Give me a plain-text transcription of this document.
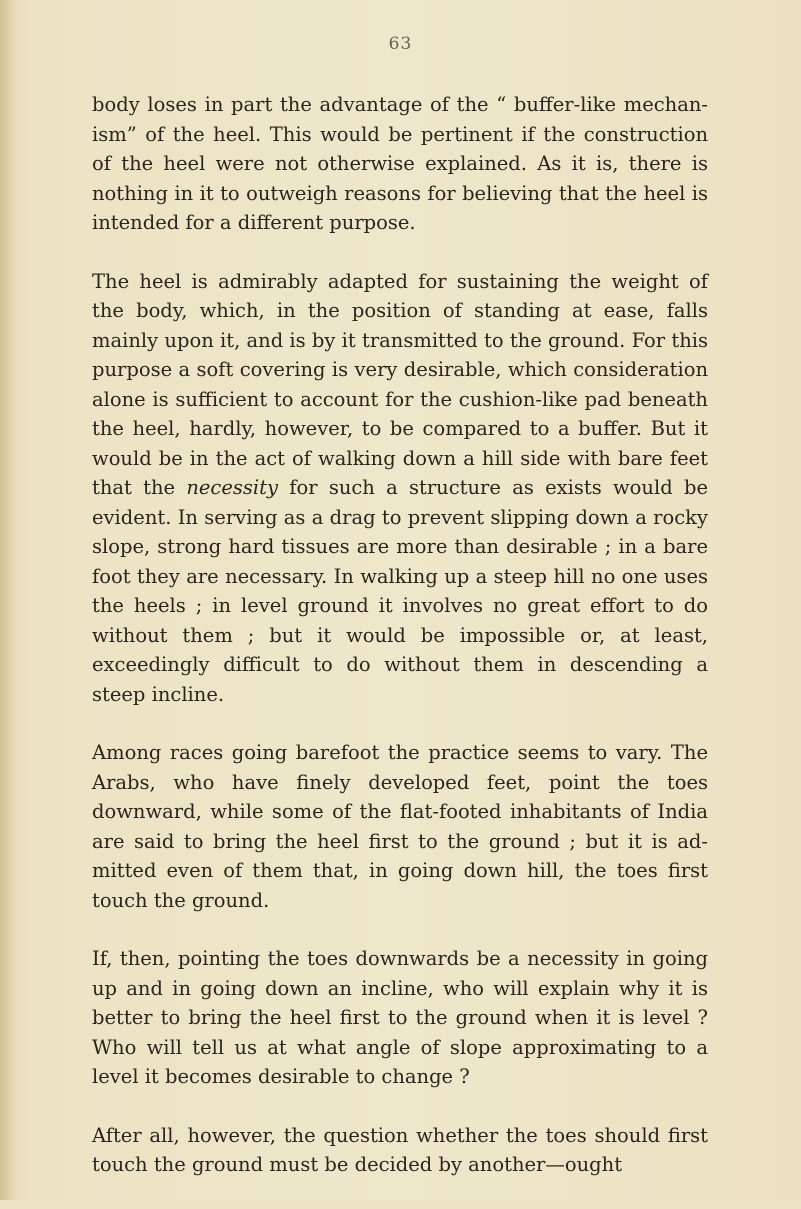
63

body loses in part the advantage of the “ buffer-like mechanism” of the heel. This would be pertinent if the construction of the heel were not otherwise explained. As it is, there is nothing in it to outweigh reasons for believing that the heel is intended for a different purpose.

The heel is admirably adapted for sustaining the weight of the body, which, in the position of standing at ease, falls mainly upon it, and is by it transmitted to the ground. For this purpose a soft covering is very desirable, which consideration alone is sufficient to account for the cushion-like pad beneath the heel, hardly, however, to be compared to a buffer. But it would be in the act of walking down a hill side with bare feet that the necessity for such a structure as exists would be evident. In serving as a drag to prevent slipping down a rocky slope, strong hard tissues are more than desirable ; in a bare foot they are necessary. In walking up a steep hill no one uses the heels ; in level ground it involves no great effort to do without them ; but it would be impossible or, at least, exceedingly difficult to do without them in descending a steep incline.

Among races going barefoot the practice seems to vary. The Arabs, who have finely developed feet, point the toes downward, while some of the flat-footed inhabitants of India are said to bring the heel first to the ground ; but it is admitted even of them that, in going down hill, the toes first touch the ground.

If, then, pointing the toes downwards be a necessity in going up and in going down an incline, who will explain why it is better to bring the heel first to the ground when it is level ? Who will tell us at what angle of slope approximating to a level it becomes desirable to change ?

After all, however, the question whether the toes should first touch the ground must be decided by another—ought
